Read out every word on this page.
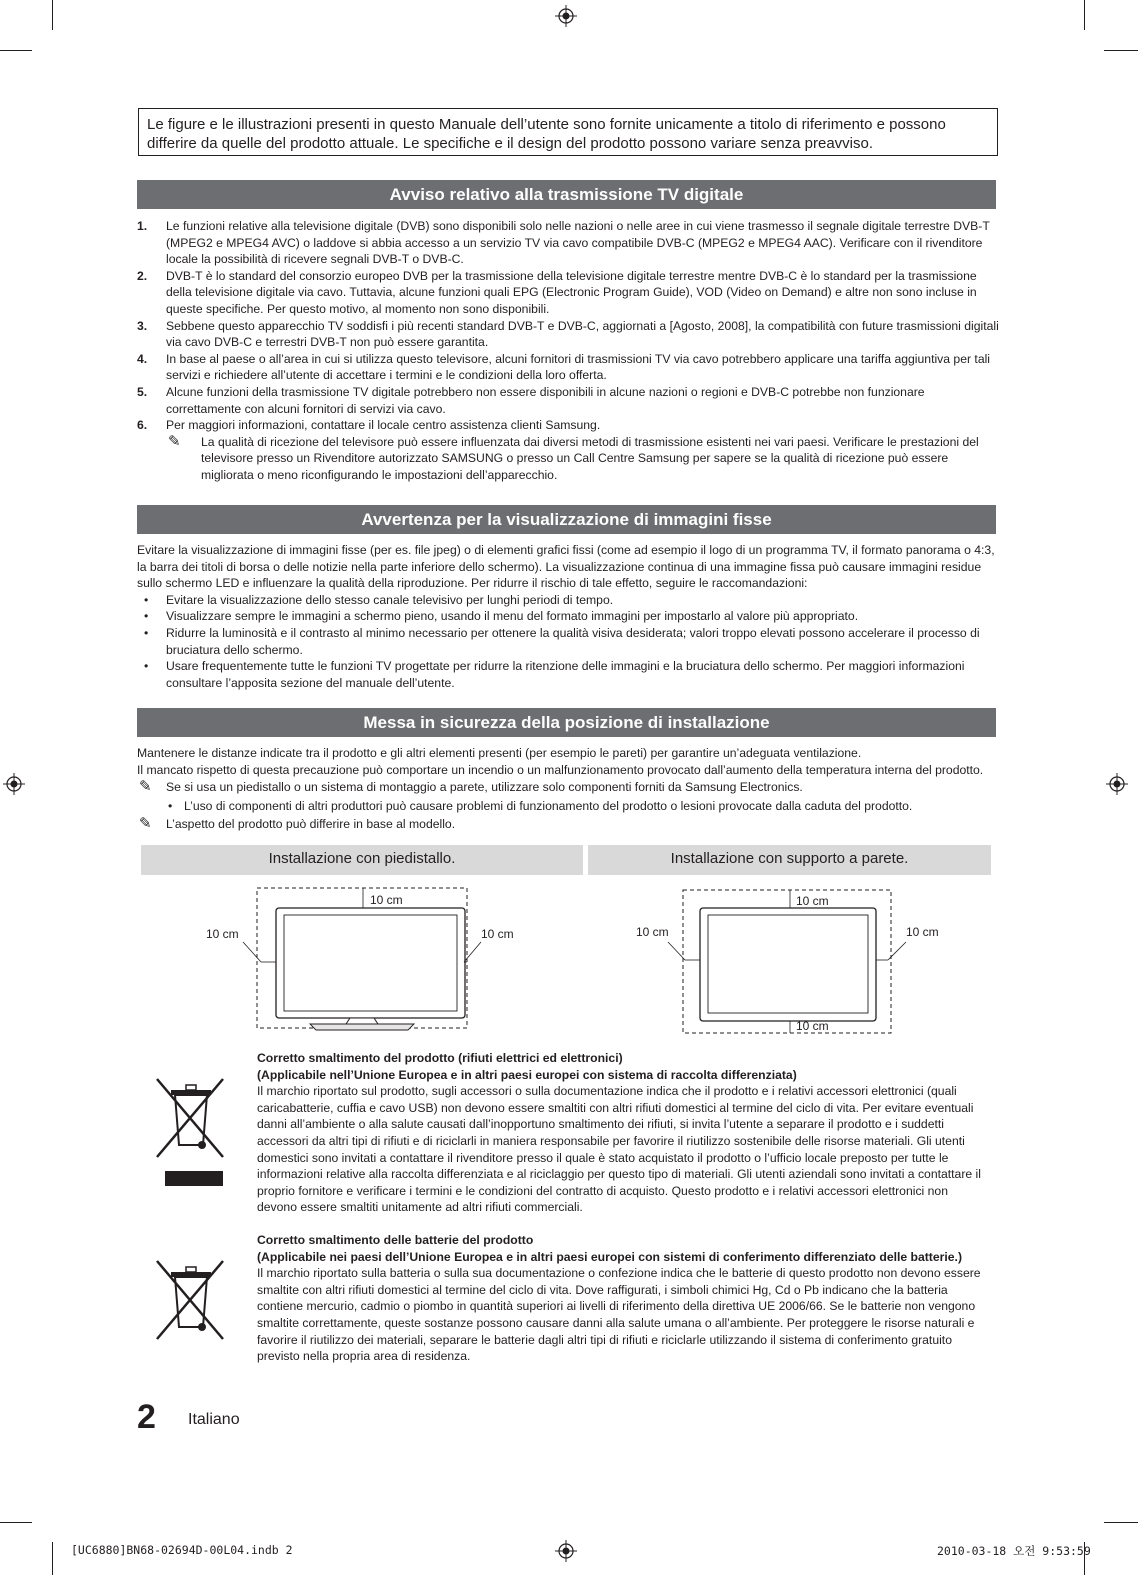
Le figure e le illustrazioni presenti in questo Manuale dell’utente sono fornite unicamente a titolo di riferimento e possono
differire da quelle del prodotto attuale. Le specifiche e il design del prodotto possono variare senza preavviso.
Avviso relativo alla trasmissione TV digitale
1. Le funzioni relative alla televisione digitale (DVB) sono disponibili solo nelle nazioni o nelle aree in cui viene trasmesso il segnale digitale terrestre DVB-T (MPEG2 e MPEG4 AVC) o laddove si abbia accesso a un servizio TV via cavo compatibile DVB-C (MPEG2 e MPEG4 AAC). Verificare con il rivenditore locale la possibilità di ricevere segnali DVB-T o DVB-C.
2. DVB-T è lo standard del consorzio europeo DVB per la trasmissione della televisione digitale terrestre mentre DVB-C è lo standard per la trasmissione della televisione digitale via cavo. Tuttavia, alcune funzioni quali EPG (Electronic Program Guide), VOD (Video on Demand) e altre non sono incluse in queste specifiche. Per questo motivo, al momento non sono disponibili.
3. Sebbene questo apparecchio TV soddisfi i più recenti standard DVB-T e DVB-C, aggiornati a [Agosto, 2008], la compatibilità con future trasmissioni digitali via cavo DVB-C e terrestri DVB-T non può essere garantita.
4. In base al paese o all’area in cui si utilizza questo televisore, alcuni fornitori di trasmissioni TV via cavo potrebbero applicare una tariffa aggiuntiva per tali servizi e richiedere all’utente di accettare i termini e le condizioni della loro offerta.
5. Alcune funzioni della trasmissione TV digitale potrebbero non essere disponibili in alcune nazioni o regioni e DVB-C potrebbe non funzionare correttamente con alcuni fornitori di servizi via cavo.
6. Per maggiori informazioni, contattare il locale centro assistenza clienti Samsung.
✎ La qualità di ricezione del televisore può essere influenzata dai diversi metodi di trasmissione esistenti nei vari paesi. Verificare le prestazioni del televisore presso un Rivenditore autorizzato SAMSUNG o presso un Call Centre Samsung per sapere se la qualità di ricezione può essere migliorata o meno riconfigurando le impostazioni dell’apparecchio.
Avvertenza per la visualizzazione di immagini fisse
Evitare la visualizzazione di immagini fisse (per es. file jpeg) o di elementi grafici fissi (come ad esempio il logo di un programma TV, il formato panorama o 4:3, la barra dei titoli di borsa o delle notizie nella parte inferiore dello schermo). La visualizzazione continua di una immagine fissa può causare immagini residue sullo schermo LED e influenzare la qualità della riproduzione. Per ridurre il rischio di tale effetto, seguire le raccomandazioni:
• Evitare la visualizzazione dello stesso canale televisivo per lunghi periodi di tempo.
• Visualizzare sempre le immagini a schermo pieno, usando il menu del formato immagini per impostarlo al valore più appropriato.
• Ridurre la luminosità e il contrasto al minimo necessario per ottenere la qualità visiva desiderata; valori troppo elevati possono accelerare il processo di bruciatura dello schermo.
• Usare frequentemente tutte le funzioni TV progettate per ridurre la ritenzione delle immagini e la bruciatura dello schermo. Per maggiori informazioni consultare l’apposita sezione del manuale dell’utente.
Messa in sicurezza della posizione di installazione
Mantenere le distanze indicate tra il prodotto e gli altri elementi presenti (per esempio le pareti) per garantire un’adeguata ventilazione.
Il mancato rispetto di questa precauzione può comportare un incendio o un malfunzionamento provocato dall’aumento della temperatura interna del prodotto.
✎ Se si usa un piedistallo o un sistema di montaggio a parete, utilizzare solo componenti forniti da Samsung Electronics.
• L’uso di componenti di altri produttori può causare problemi di funzionamento del prodotto o lesioni provocate dalla caduta del prodotto.
✎ L’aspetto del prodotto può differire in base al modello.
Installazione con piedistallo.	Installazione con supporto a parete.
10 cm
10 cm	10 cm
10 cm
10 cm	10 cm
10 cm
Corretto smaltimento del prodotto (rifiuti elettrici ed elettronici)
(Applicabile nell’Unione Europea e in altri paesi europei con sistema di raccolta differenziata)
Il marchio riportato sul prodotto, sugli accessori o sulla documentazione indica che il prodotto e i relativi accessori elettronici (quali caricabatterie, cuffia e cavo USB) non devono essere smaltiti con altri rifiuti domestici al termine del ciclo di vita. Per evitare eventuali danni all’ambiente o alla salute causati dall’inopportuno smaltimento dei rifiuti, si invita l’utente a separare il prodotto e i suddetti accessori da altri tipi di rifiuti e di riciclarli in maniera responsabile per favorire il riutilizzo sostenibile delle risorse materiali. Gli utenti domestici sono invitati a contattare il rivenditore presso il quale è stato acquistato il prodotto o l’ufficio locale preposto per tutte le informazioni relative alla raccolta differenziata e al riciclaggio per questo tipo di materiali. Gli utenti aziendali sono invitati a contattare il proprio fornitore e verificare i termini e le condizioni del contratto di acquisto. Questo prodotto e i relativi accessori elettronici non devono essere smaltiti unitamente ad altri rifiuti commerciali.
Corretto smaltimento delle batterie del prodotto
(Applicabile nei paesi dell’Unione Europea e in altri paesi europei con sistemi di conferimento differenziato delle batterie.)
Il marchio riportato sulla batteria o sulla sua documentazione o confezione indica che le batterie di questo prodotto non devono essere smaltite con altri rifiuti domestici al termine del ciclo di vita. Dove raffigurati, i simboli chimici Hg, Cd o Pb indicano che la batteria contiene mercurio, cadmio o piombo in quantità superiori ai livelli di riferimento della direttiva UE 2006/66. Se le batterie non vengono smaltite correttamente, queste sostanze possono causare danni alla salute umana o all’ambiente. Per proteggere le risorse naturali e favorire il riutilizzo dei materiali, separare le batterie dagli altri tipi di rifiuti e riciclarle utilizzando il sistema di conferimento gratuito previsto nella propria area di residenza.
2 Italiano
[UC6880]BN68-02694D-00L04.indb 2	2010-03-18 오전 9:53:59
